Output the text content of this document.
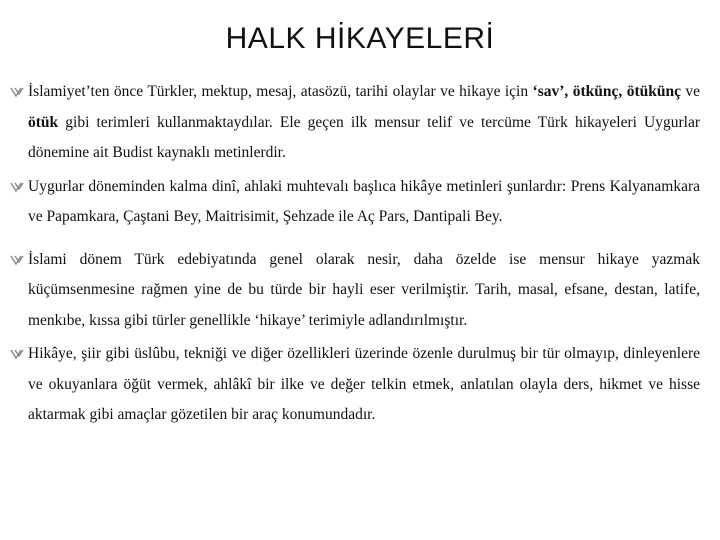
HALK HİKAYELERİ
İslamiyet’ten önce Türkler, mektup, mesaj, atasözü, tarihi olaylar ve hikaye için ‘sav’, ötkünç, ötükünç ve ötük gibi terimleri kullanmaktaydılar. Ele geçen ilk mensur telif ve tercüme Türk hikayeleri Uygurlar dönemine ait Budist kaynaklı metinlerdir.
Uygurlar döneminden kalma dinî, ahlaki muhtevalı başlıca hikâye metinleri şunlardır: Prens Kalyanamkara ve Papamkara, Çaştani Bey, Maitrisimit, Şehzade ile Aç Pars, Dantipali Bey.
İslami dönem Türk edebiyatında genel olarak nesir, daha özelde ise mensur hikaye yazmak küçümsenmesine rağmen yine de bu türde bir hayli eser verilmiştir. Tarih, masal, efsane, destan, latife, menkıbe, kıssa gibi türler genellikle ‘hikaye’ terimiyle adlandırılmıştır.
Hikâye, şiir gibi üslûbu, tekniği ve diğer özellikleri üzerinde özenle durulmuş bir tür olmayıp, dinleyenlere ve okuyanlara öğüt vermek, ahlâkî bir ilke ve değer telkin etmek, anlatılan olayla ders, hikmet ve hisse aktarmak gibi amaçlar gözetilen bir araç konumundadır.
